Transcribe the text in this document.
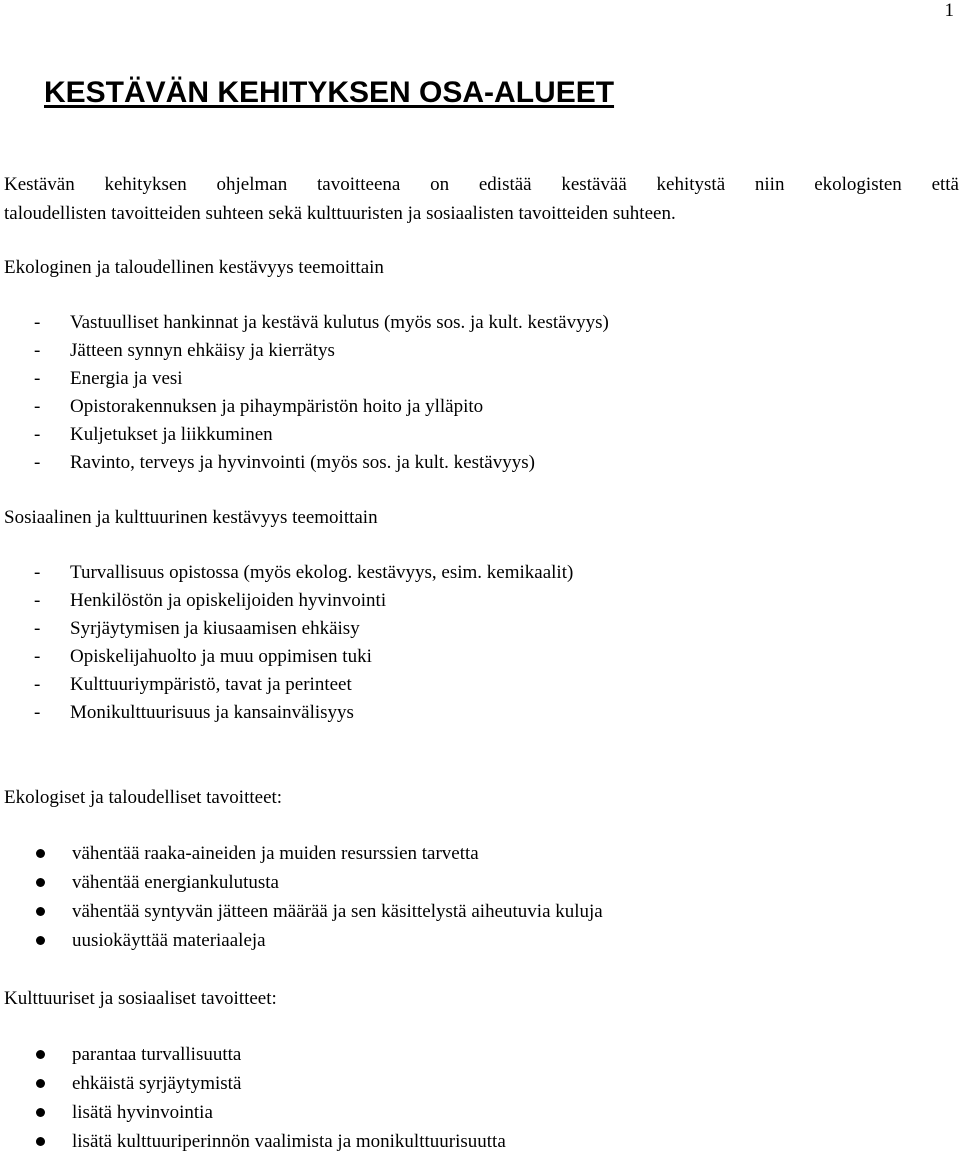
1
KESTÄVÄN KEHITYKSEN OSA-ALUEET
Kestävän kehityksen ohjelman tavoitteena on edistää kestävää kehitystä niin ekologisten että
taloudellisten tavoitteiden suhteen sekä kulttuuristen ja sosiaalisten tavoitteiden suhteen.
Ekologinen ja taloudellinen kestävyys teemoittain
- Vastuulliset hankinnat ja kestävä kulutus (myös sos. ja kult. kestävyys)
- Jätteen synnyn ehkäisy ja kierrätys
- Energia ja vesi
- Opistorakennuksen ja pihaympäristön hoito ja ylläpito
- Kuljetukset ja liikkuminen
- Ravinto, terveys ja hyvinvointi (myös sos. ja kult. kestävyys)
Sosiaalinen ja kulttuurinen kestävyys teemoittain
- Turvallisuus opistossa (myös ekolog. kestävyys, esim. kemikaalit)
- Henkilöstön ja opiskelijoiden hyvinvointi
- Syrjäytymisen ja kiusaamisen ehkäisy
- Opiskelijahuolto ja muu oppimisen tuki
- Kulttuuriympäristö, tavat ja perinteet
- Monikulttuurisuus ja kansainvälisyys
Ekologiset ja taloudelliset tavoitteet:
vähentää raaka-aineiden ja muiden resurssien tarvetta
vähentää energiankulutusta
vähentää syntyvän jätteen määrää ja sen käsittelystä aiheutuvia kuluja
uusiokäyttää materiaaleja
Kulttuuriset ja sosiaaliset tavoitteet:
parantaa turvallisuutta
ehkäistä syrjäytymistä
lisätä hyvinvointia
lisätä kulttuuriperinnön vaalimista ja monikulttuurisuutta
